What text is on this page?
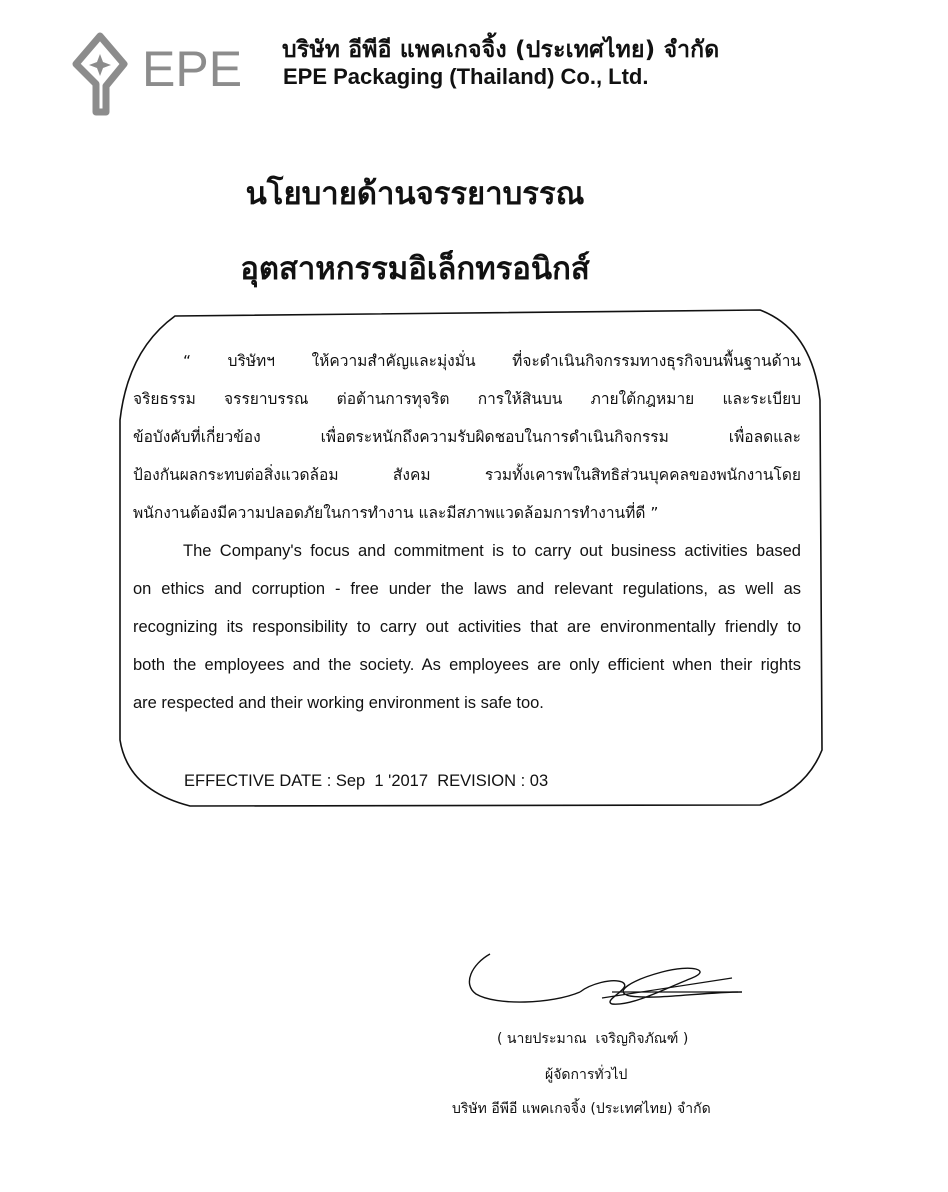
EPE บริษัท อีพีอี แพคเกจจิ้ง (ประเทศไทย) จำกัด
EPE Packaging (Thailand) Co., Ltd.
นโยบายด้านจรรยาบรรณ
อุตสาหกรรมอิเล็กทรอนิกส์
“ บริษัทฯ ให้ความสำคัญและมุ่งมั่น ที่จะดำเนินกิจกรรมทางธุรกิจบนพื้นฐานด้าน
จริยธรรม จรรยาบรรณ ต่อต้านการทุจริต การให้สินบน ภายใต้กฎหมาย และระเบียบ
ข้อบังคับที่เกี่ยวข้อง เพื่อตระหนักถึงความรับผิดชอบในการดำเนินกิจกรรม เพื่อลดและ
ป้องกันผลกระทบต่อสิ่งแวดล้อม สังคม รวมทั้งเคารพในสิทธิส่วนบุคคลของพนักงานโดย
พนักงานต้องมีความปลอดภัยในการทำงาน และมีสภาพแวดล้อมการทำงานที่ดี ”
The Company's focus and commitment is to carry out business activities based
on ethics and corruption - free under the laws and relevant regulations, as well as
recognizing its responsibility to carry out activities that are environmentally friendly to
both the employees and the society. As employees are only efficient when their rights
are respected and their working environment is safe too.
EFFECTIVE DATE : Sep  1 '2017  REVISION : 03
( นายประมาณ  เจริญกิจภัณฑ์ )
ผู้จัดการทั่วไป
บริษัท อีพีอี แพคเกจจิ้ง (ประเทศไทย) จำกัด
